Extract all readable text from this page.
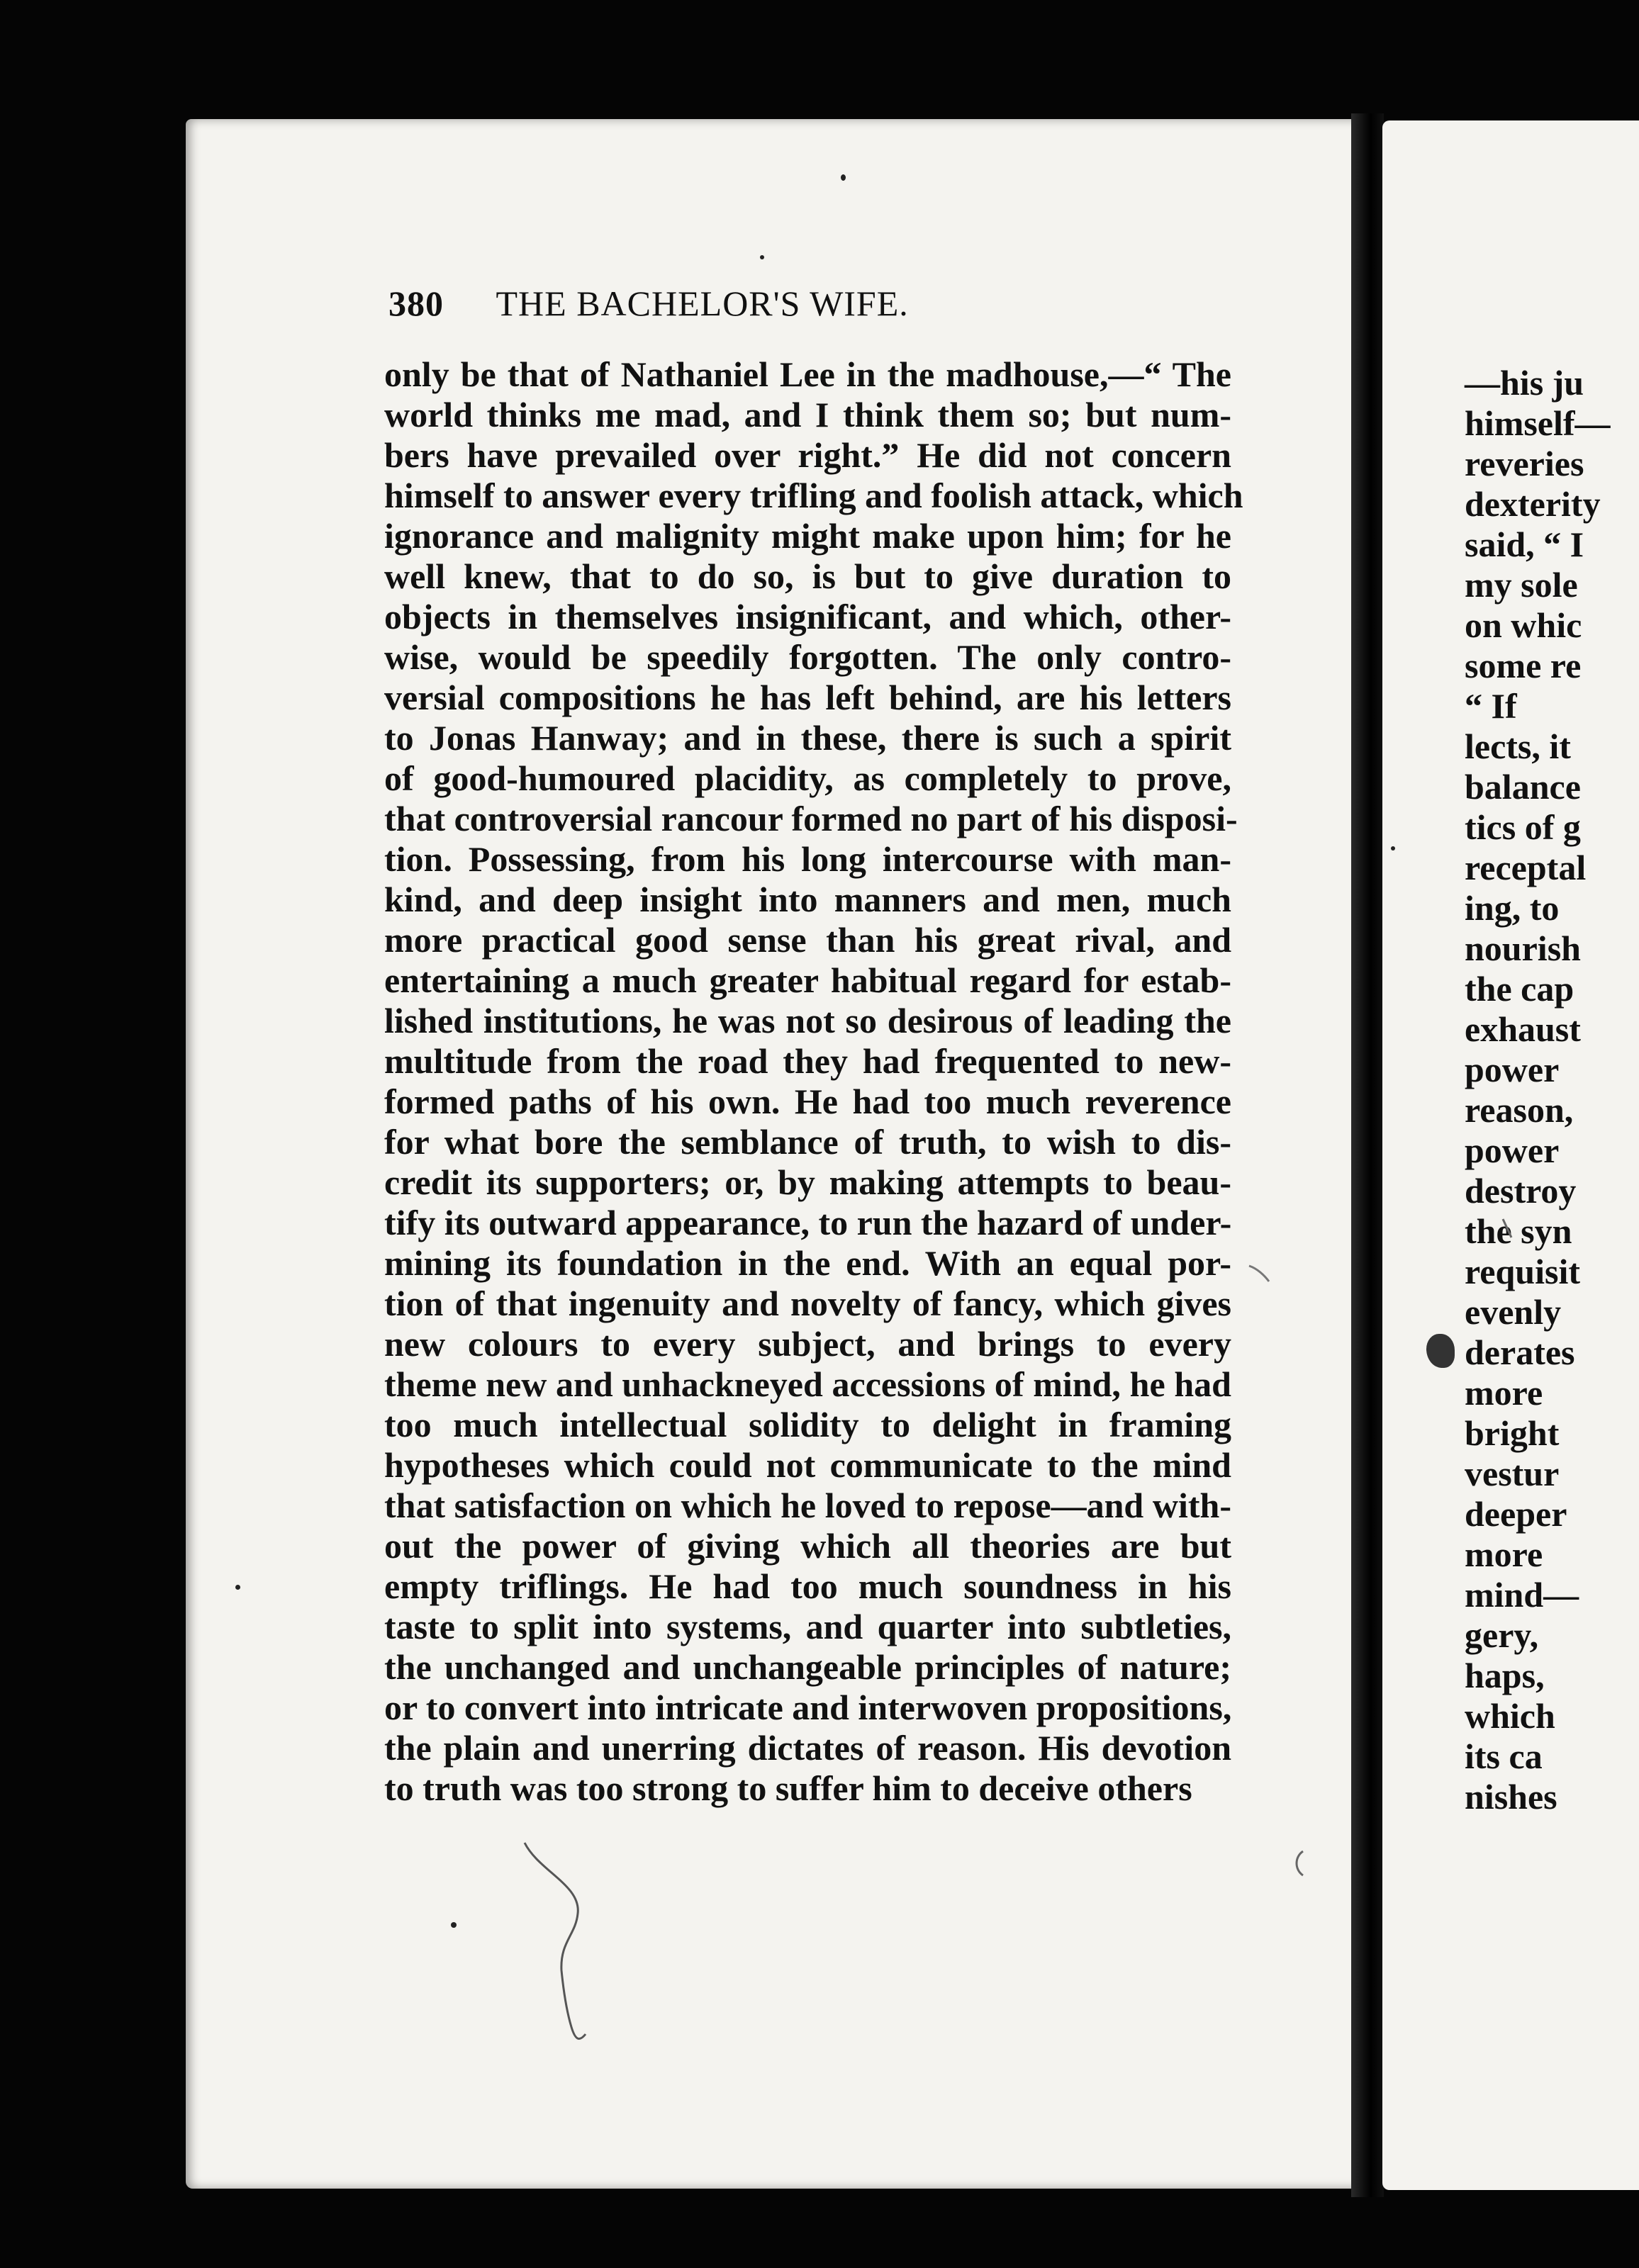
380 THE BACHELOR'S WIFE.
only be that of Nathaniel Lee in the madhouse,—“ The
world thinks me mad, and I think them so; but num-
bers have prevailed over right.” He did not concern
himself to answer every trifling and foolish attack, which
ignorance and malignity might make upon him; for he
well knew, that to do so, is but to give duration to
objects in themselves insignificant, and which, other-
wise, would be speedily forgotten. The only contro-
versial compositions he has left behind, are his letters
to Jonas Hanway; and in these, there is such a spirit
of good-humoured placidity, as completely to prove,
that controversial rancour formed no part of his disposi-
tion. Possessing, from his long intercourse with man-
kind, and deep insight into manners and men, much
more practical good sense than his great rival, and
entertaining a much greater habitual regard for estab-
lished institutions, he was not so desirous of leading the
multitude from the road they had frequented to new-
formed paths of his own. He had too much reverence
for what bore the semblance of truth, to wish to dis-
credit its supporters; or, by making attempts to beau-
tify its outward appearance, to run the hazard of under-
mining its foundation in the end. With an equal por-
tion of that ingenuity and novelty of fancy, which gives
new colours to every subject, and brings to every
theme new and unhackneyed accessions of mind, he had
too much intellectual solidity to delight in framing
hypotheses which could not communicate to the mind
that satisfaction on which he loved to repose—and with-
out the power of giving which all theories are but
empty triflings. He had too much soundness in his
taste to split into systems, and quarter into subtleties,
the unchanged and unchangeable principles of nature;
or to convert into intricate and interwoven propositions,
the plain and unerring dictates of reason. His devotion
to truth was too strong to suffer him to deceive others
—his ju
himself—
reveries
dexterity
said, “ I
my sole
on whic
some re
“ If
lects, it
balance
tics of g
receptal
ing, to
nourish
the cap
exhaust
power
reason,
power
destroy
the syn
requisit
evenly
derates
more
bright
vestur
deeper
more
mind—
gery,
haps,
which
its ca
nishes
